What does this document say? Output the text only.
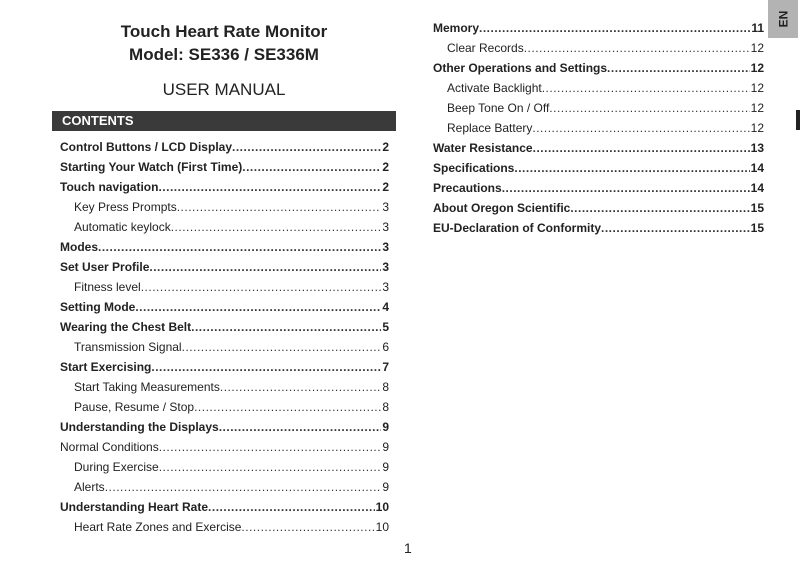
Touch Heart Rate Monitor
Model: SE336 / SE336M
USER MANUAL
CONTENTS
Control Buttons / LCD Display .....	2
Starting Your Watch (First Time) .....	2
Touch navigation .....	2
Key Press Prompts .....	3
Automatic keylock .....	3
Modes .....	3
Set User Profile .....	3
Fitness level .....	3
Setting Mode .....	4
Wearing the Chest Belt .....	5
Transmission Signal .....	6
Start Exercising .....	7
Start Taking Measurements .....	8
Pause, Resume / Stop .....	8
Understanding the Displays .....	9
Normal Conditions .....	9
During Exercise .....	9
Alerts .....	9
Understanding Heart Rate .....	10
Heart Rate Zones and Exercise .....	10
Memory .....	11
Clear Records .....	12
Other Operations and Settings .....	12
Activate Backlight .....	12
Beep Tone On / Off .....	12
Replace Battery .....	12
Water Resistance .....	13
Specifications .....	14
Precautions .....	14
About Oregon Scientific .....	15
EU-Declaration of Conformity .....	15
EN
1
